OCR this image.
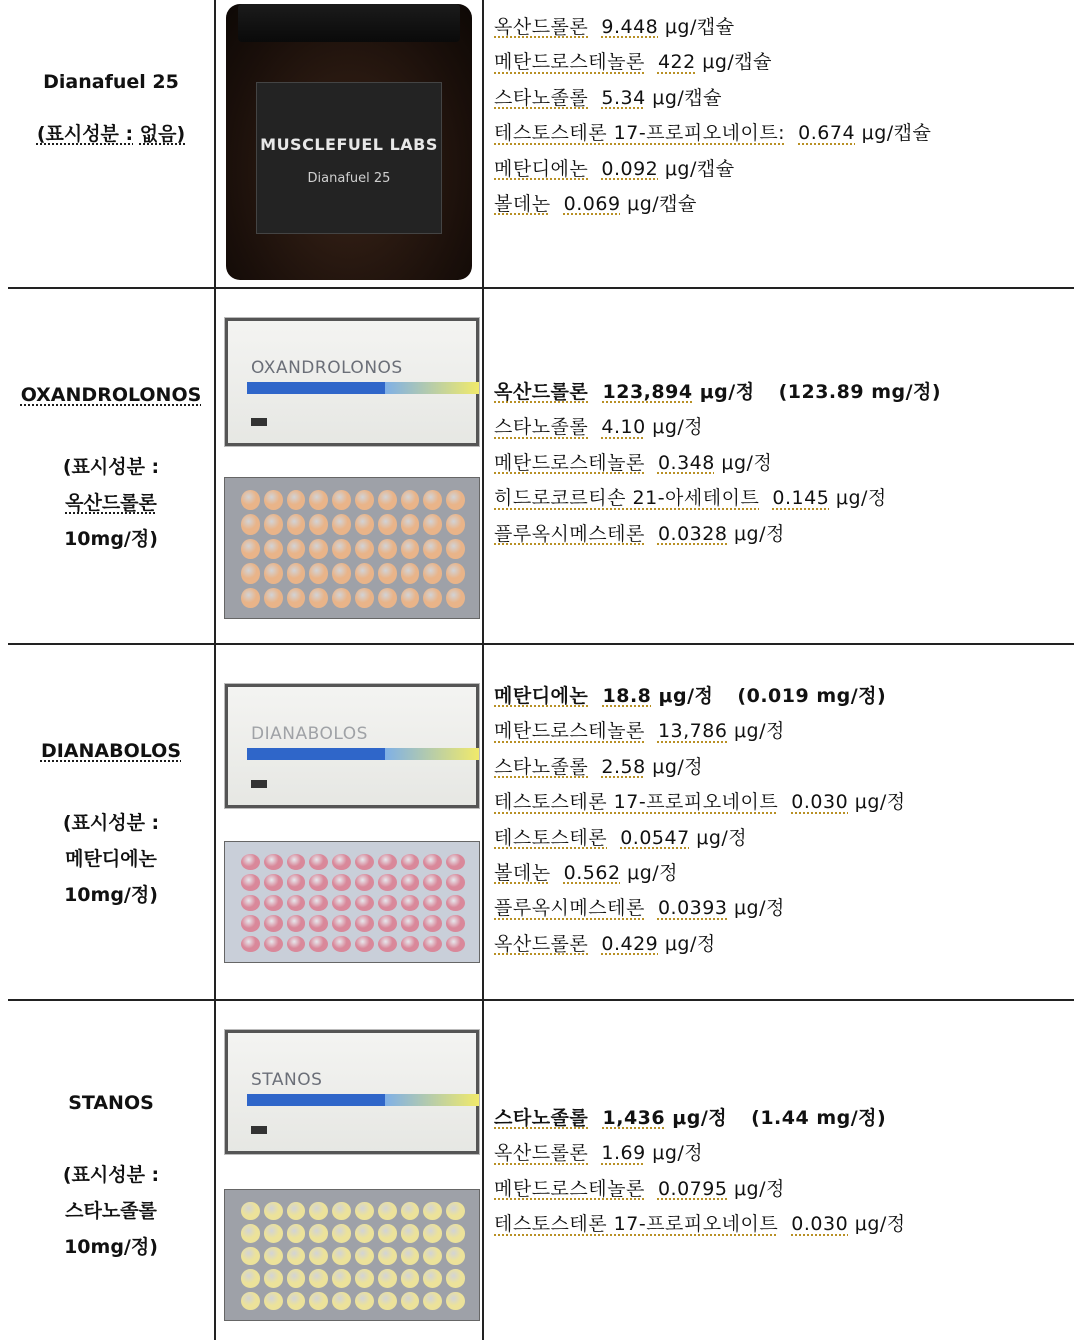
Dianafuel 25
(표시성분 : 없음)	MUSCLEFUEL LABS
Dianafuel 25
옥산드롤론 9.448 μg/캡슐
메탄드로스테놀론 422 μg/캡슐
스타노졸롤 5.34 μg/캡슐
테스토스테론 17-프로피오네이트: 0.674 μg/캡슐
메탄디에논 0.092 μg/캡슐
볼데논 0.069 μg/캡슐
OXANDROLONOS
(표시성분 :
옥산드롤론
10mg/정)
OXANDROLONOS
옥산드롤론 123,894 μg/정 (123.89 mg/정)
스타노졸롤 4.10 μg/정
메탄드로스테놀론 0.348 μg/정
히드로코르티손 21-아세테이트 0.145 μg/정
플루옥시메스테론 0.0328 μg/정
DIANABOLOS
(표시성분 :
메탄디에논
10mg/정)
DIANABOLOS
메탄디에논 18.8 μg/정 (0.019 mg/정)
메탄드로스테놀론 13,786 μg/정
스타노졸롤 2.58 μg/정
테스토스테론 17-프로피오네이트 0.030 μg/정
테스토스테론 0.0547 μg/정
볼데논 0.562 μg/정
플루옥시메스테론 0.0393 μg/정
옥산드롤론 0.429 μg/정
STANOS
(표시성분 :
스타노졸롤
10mg/정)
STANOS
스타노졸롤 1,436 μg/정 (1.44 mg/정)
옥산드롤론 1.69 μg/정
메탄드로스테놀론 0.0795 μg/정
테스토스테론 17-프로피오네이트 0.030 μg/정
